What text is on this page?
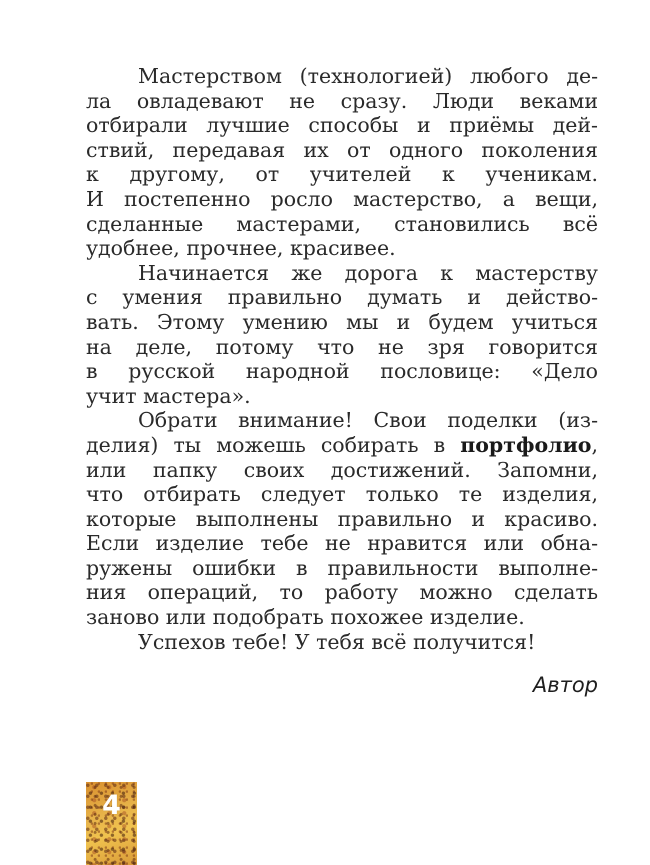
Мастерством (технологией) любого де-
ла овладевают не сразу. Люди веками
отбирали лучшие способы и приёмы дей-
ствий, передавая их от одного поколения
к другому, от учителей к ученикам.
И постепенно росло мастерство, а вещи,
сделанные мастерами, становились всё
удобнее, прочнее, красивее.
Начинается же дорога к мастерству
с умения правильно думать и действо-
вать. Этому умению мы и будем учиться
на деле, потому что не зря говорится
в русской народной пословице: «Дело
учит мастера».
Обрати внимание! Свои поделки (из-
делия) ты можешь собирать в портфолио,
или папку своих достижений. Запомни,
что отбирать следует только те изделия,
которые выполнены правильно и красиво.
Если изделие тебе не нравится или обна-
ружены ошибки в правильности выполне-
ния операций, то работу можно сделать
заново или подобрать похожее изделие.
Успехов тебе! У тебя всё получится!
Автор
4
